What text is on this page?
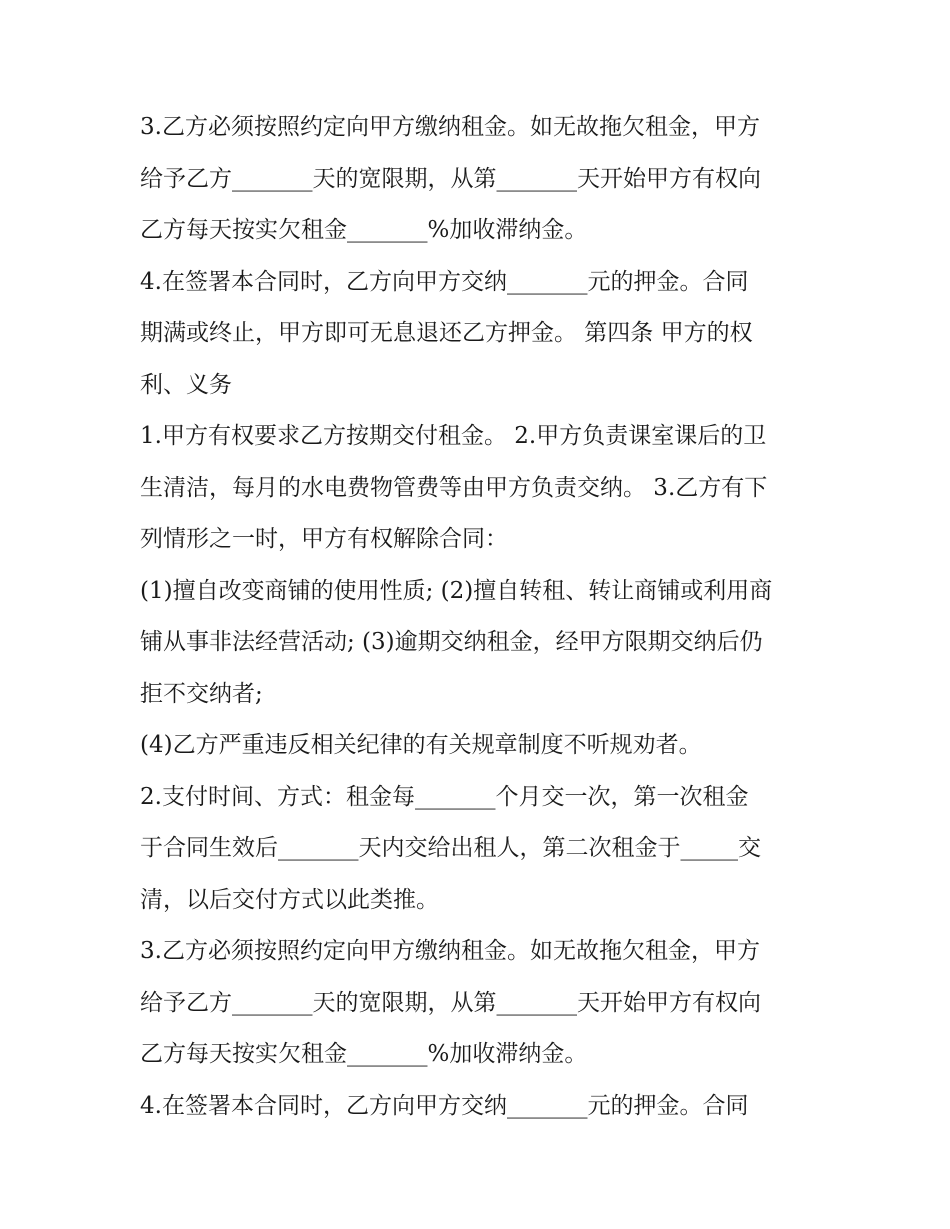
3.乙方必须按照约定向甲方缴纳租金。如无故拖欠租金，甲方
给予乙方_______天的宽限期，从第_______天开始甲方有权向
乙方每天按实欠租金_______%加收滞纳金。
4.在签署本合同时，乙方向甲方交纳_______元的押金。合同
期满或终止，甲方即可无息退还乙方押金。 第四条 甲方的权
利、义务
1.甲方有权要求乙方按期交付租金。 2.甲方负责课室课后的卫
生清洁，每月的水电费物管费等由甲方负责交纳。 3.乙方有下
列情形之一时，甲方有权解除合同：
(1)擅自改变商铺的使用性质; (2)擅自转租、转让商铺或利用商
铺从事非法经营活动; (3)逾期交纳租金，经甲方限期交纳后仍
拒不交纳者;
(4)乙方严重违反相关纪律的有关规章制度不听规劝者。
2.支付时间、方式：租金每_______个月交一次，第一次租金
于合同生效后_______天内交给出租人，第二次租金于_____交
清，以后交付方式以此类推。
3.乙方必须按照约定向甲方缴纳租金。如无故拖欠租金，甲方
给予乙方_______天的宽限期，从第_______天开始甲方有权向
乙方每天按实欠租金_______%加收滞纳金。
4.在签署本合同时，乙方向甲方交纳_______元的押金。合同
